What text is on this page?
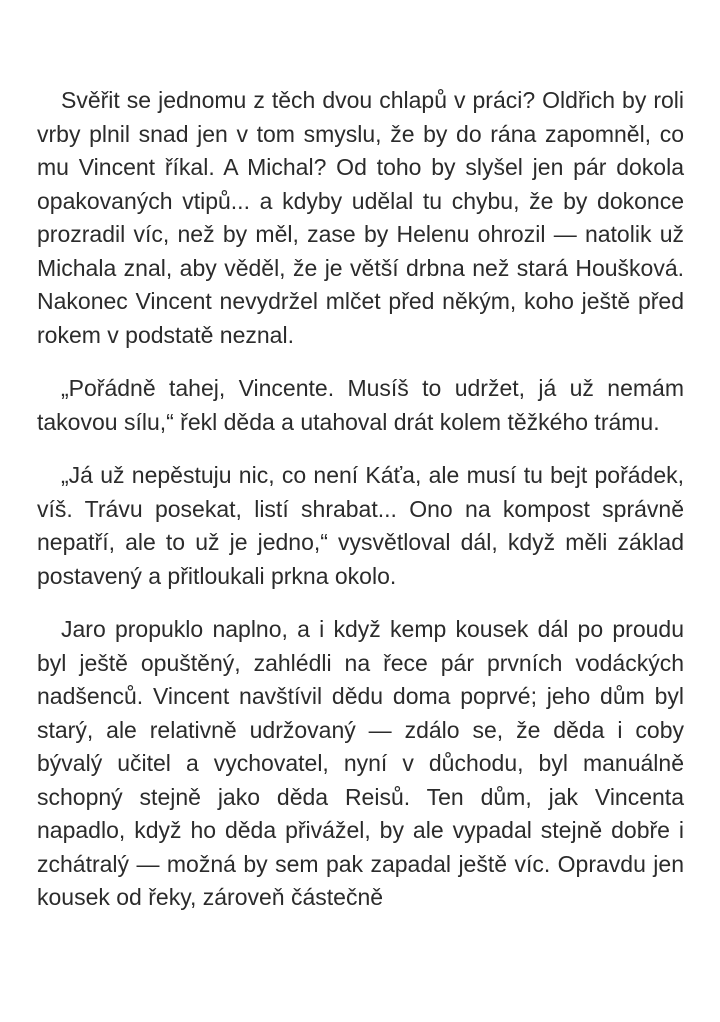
Svěřit se jednomu z těch dvou chlapů v práci? Oldřich by roli vrby plnil snad jen v tom smyslu, že by do rána zapomněl, co mu Vincent říkal. A Michal? Od toho by slyšel jen pár dokola opakovaných vtipů... a kdyby udělal tu chybu, že by dokonce prozradil víc, než by měl, zase by Helenu ohrozil — natolik už Michala znal, aby věděl, že je větší drbna než stará Houšková. Nakonec Vincent nevydržel mlčet před někým, koho ještě před rokem v podstatě neznal.

„Pořádně tahej, Vincente. Musíš to udržet, já už nemám takovou sílu,“ řekl děda a utahoval drát kolem těžkého trámu.

„Já už nepěstuju nic, co není Káťa, ale musí tu bejt pořádek, víš. Trávu posekat, listí shrabat... Ono na kompost správně nepatří, ale to už je jedno,“ vysvětloval dál, když měli základ postavený a přitloukali prkna okolo.

Jaro propuklo naplno, a i když kemp kousek dál po proudu byl ještě opuštěný, zahlédli na řece pár prvních vodáckých nadšenců. Vincent navštívil dědu doma poprvé; jeho dům byl starý, ale relativně udržovaný — zdálo se, že děda i coby bývalý učitel a vychovatel, nyní v důchodu, byl manuálně schopný stejně jako děda Reisů. Ten dům, jak Vincenta napadlo, když ho děda přivážel, by ale vypadal stejně dobře i zchátralý — možná by sem pak zapadal ještě víc. Opravdu jen kousek od řeky, zároveň částečně
